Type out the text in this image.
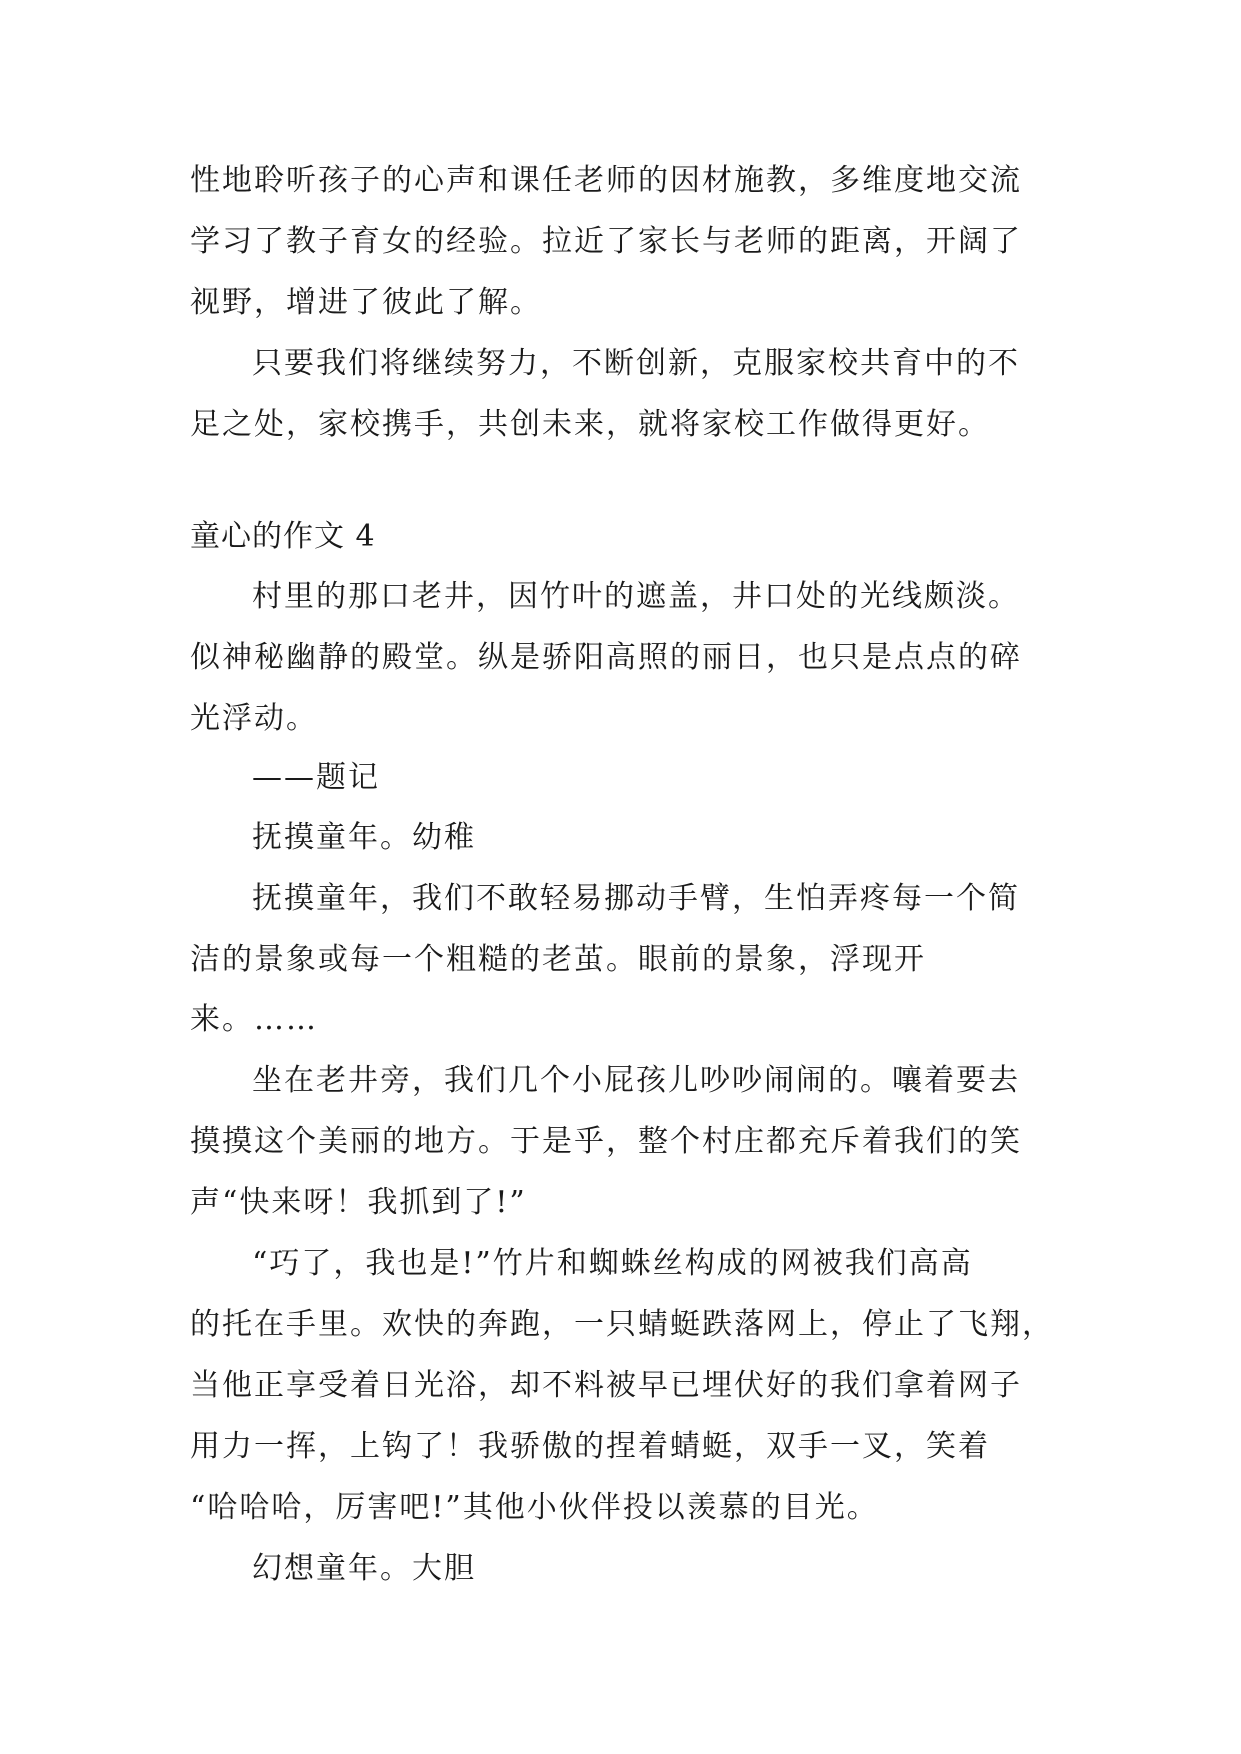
性地聆听孩子的心声和课任老师的因材施教，多维度地交流
学习了教子育女的经验。拉近了家长与老师的距离，开阔了
视野，增进了彼此了解。
只要我们将继续努力，不断创新，克服家校共育中的不
足之处，家校携手，共创未来，就将家校工作做得更好。
童心的作文 4
村里的那口老井，因竹叶的遮盖，井口处的光线颇淡。
似神秘幽静的殿堂。纵是骄阳高照的丽日，也只是点点的碎
光浮动。
——题记
抚摸童年。幼稚
抚摸童年，我们不敢轻易挪动手臂，生怕弄疼每一个简
洁的景象或每一个粗糙的老茧。眼前的景象，浮现开
来。……
坐在老井旁，我们几个小屁孩儿吵吵闹闹的。嚷着要去
摸摸这个美丽的地方。于是乎，整个村庄都充斥着我们的笑
声“快来呀！我抓到了!”
“巧了，我也是!”竹片和蜘蛛丝构成的网被我们高高
的托在手里。欢快的奔跑，一只蜻蜓跌落网上，停止了飞翔，
当他正享受着日光浴，却不料被早已埋伏好的我们拿着网子
用力一挥，上钩了！我骄傲的捏着蜻蜓，双手一叉，笑着
“哈哈哈，厉害吧!”其他小伙伴投以羡慕的目光。
幻想童年。大胆
